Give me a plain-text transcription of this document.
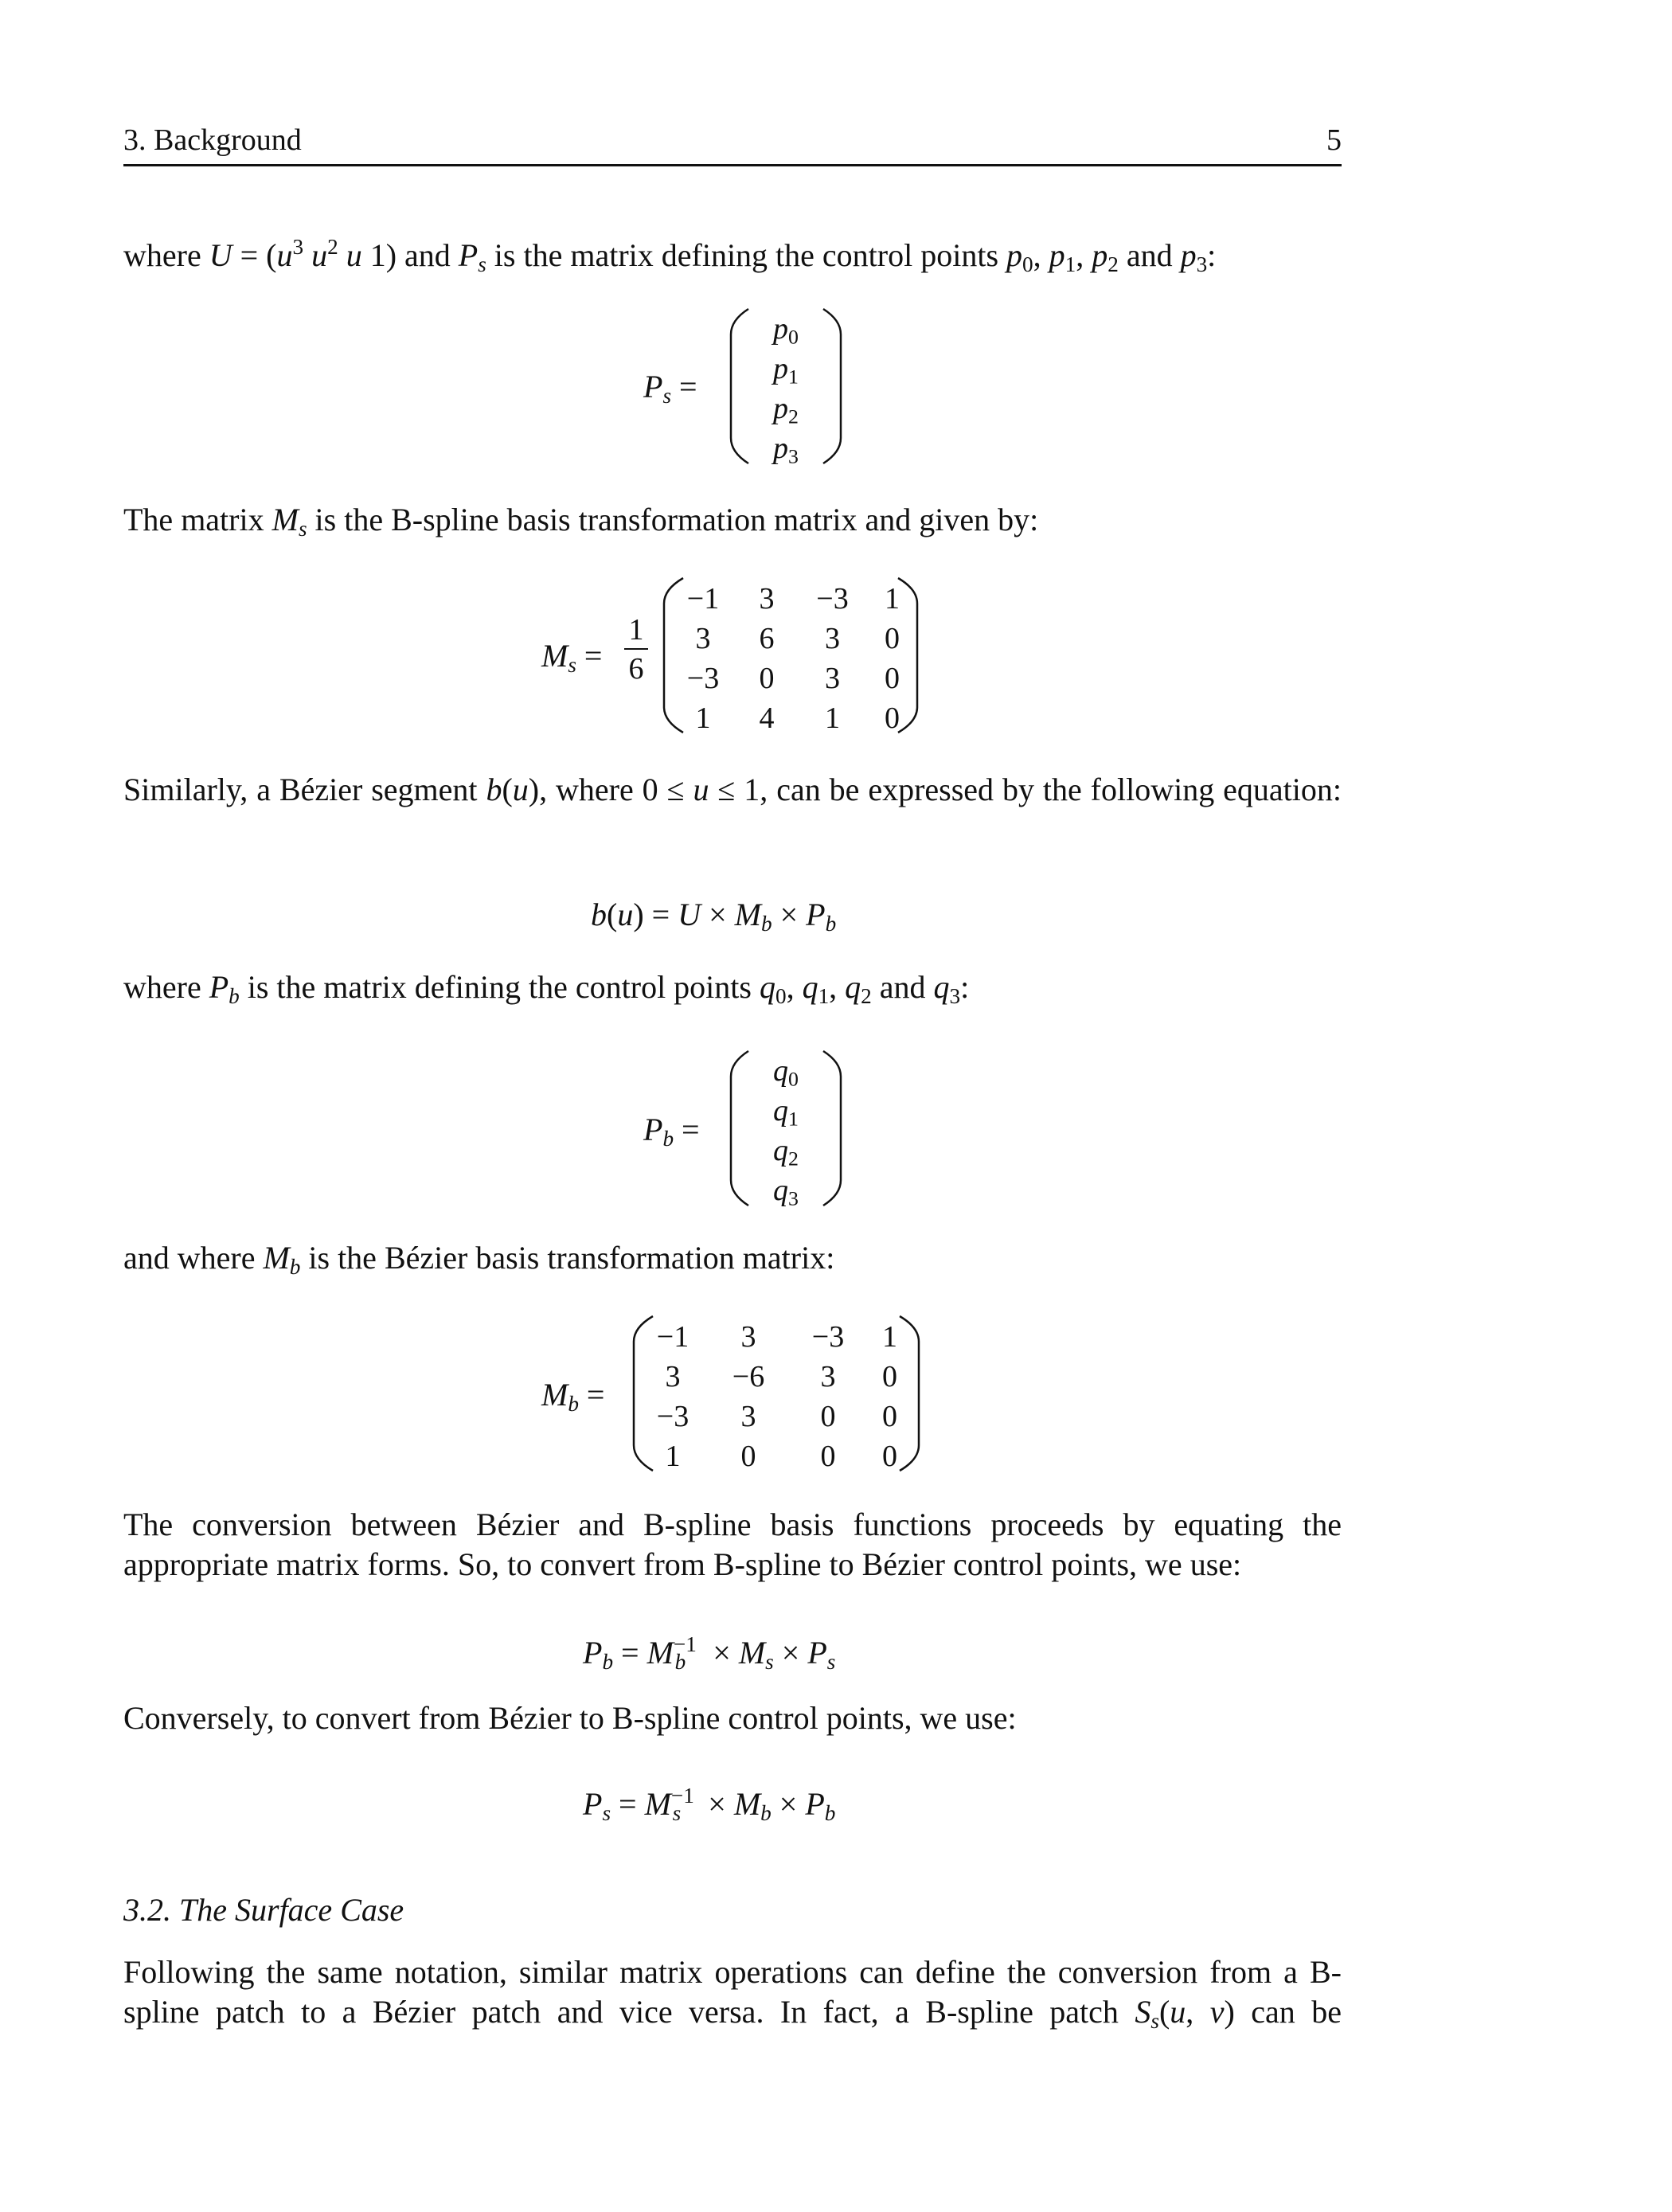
3. Background	5

where $U = (u^3$ $u^2$ u 1) and $P_s$ is the matrix defining the control points $p_0$, $p_1$, $p_2$ and $p_3$:

$P_s$ =
$p_0$
$p_1$
$p_2$
$p_3$

The matrix $M_s$ is the B-spline basis transformation matrix and given by:

$M_s = \frac{1}{6}$
−1	3	−3	1
3	6	3	0
−3	0	3	0
1	4	1	0
Similarly, a Bézier segment b(u), where 0 ≤ u ≤ 1, can be expressed by the following equation:
$b(u) = U \times M_b \times P_b$

where $P_b$ is the matrix defining the control points $q_0$, $q_1$, $q_2$ and $q_3$:

$P_b$ =
$q_0$
$q_1$
$q_2$
$q_3$

and where $M_b$ is the Bézier basis transformation matrix:

$M_b$ =
−1	3	−3	1
3	−6	3	0
−3	3	0	0
1	0	0	0

The conversion between Bézier and B-spline basis functions proceeds by equating the appropriate matrix forms. So, to convert from B-spline to Bézier control points, we use:

$P_b = M^{-1}_b \times M_s \times P_s$

Conversely, to convert from Bézier to B-spline control points, we use:

$P_s = M^{-1}_s \times M_b \times P_b$
3.2. The Surface Case

Following the same notation, similar matrix operations can define the conversion from a B-spline patch to a Bézier patch and vice versa. In fact, a B-spline patch $S_s(u$, v) can be
